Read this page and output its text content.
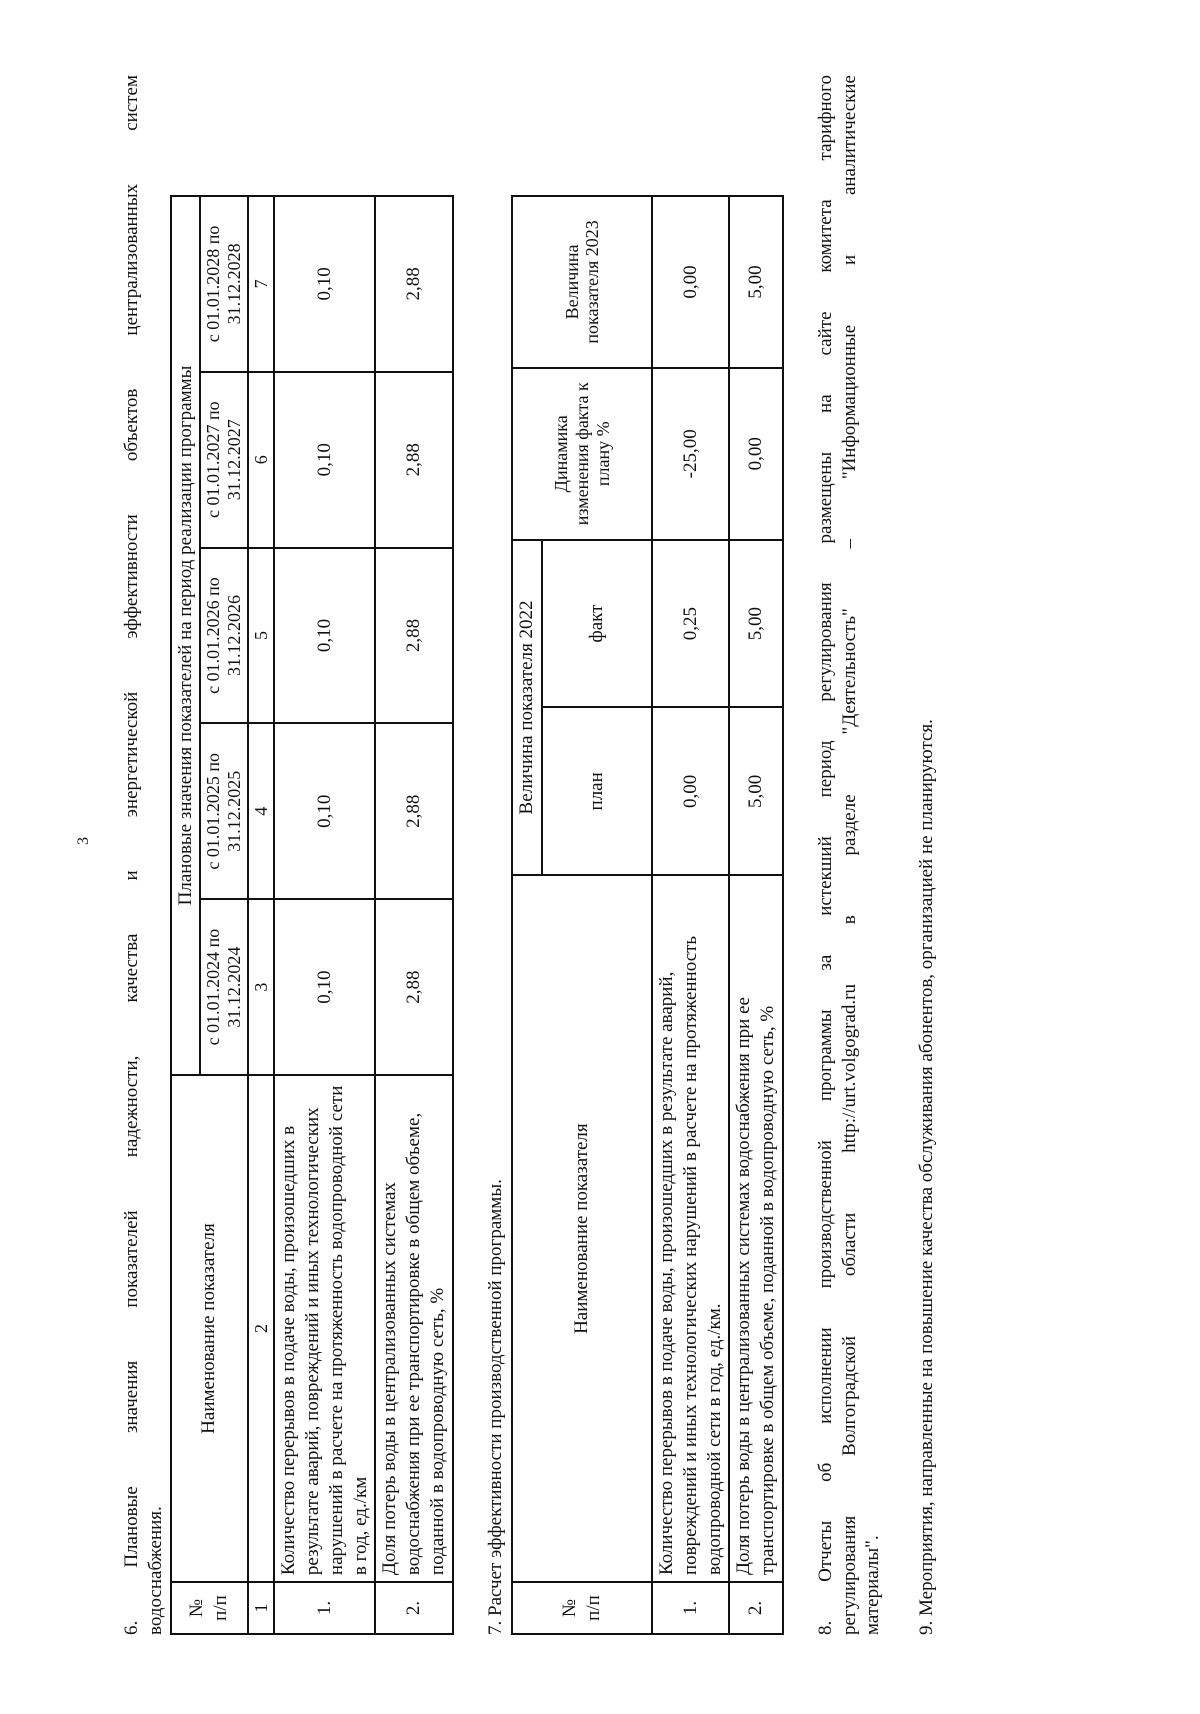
3 6. Плановые значения показателей надежности, качества и энергетической эффективности объектов централизованных систем водоснабжения. № п/п	Наименование показателя	Плановые значения показателей на период реализации программы				
		с 01.01.2024 по 31.12.2024	с 01.01.2025 по 31.12.2025	с 01.01.2026 по 31.12.2026	с 01.01.2027 по 31.12.2027	с 01.01.2028 по 31.12.2028
1	2	3	4	5	6	7
1.	Количество перерывов в подаче воды, произошедших в результате аварий, повреждений и иных технологических нарушений в расчете на протяженность водопроводной сети в год, ед./км	0,10	0,10	0,10	0,10	0,10
2.	Доля потерь воды в централизованных системах водоснабжения при ее транспортировке в общем объеме, поданной в водопроводную сеть, %	2,88	2,88	2,88	2,88	2,88

7. Расчет эффективности производственной программы.	№ п/п	Наименование показателя	Величина показателя 2022		Динамика изменения факта к плану %	Величина показателя 2023
		план	факт		
1.	Количество перерывов в подаче воды, произошедших в результате аварий, повреждений и иных технологических нарушений в расчете на протяженность водопроводной сети в год, ед./км.	0,00	0,25	-25,00	0,00
2.	Доля потерь воды в централизованных системах водоснабжения при ее транспортировке в общем объеме, поданной в водопроводную сеть, %	5,00	5,00	0,00	5,00	8. Отчеты об исполнении производственной программы за истекший период регулирования размещены на сайте комитета тарифного регулирования Волгоградской области http://urt.volgograd.ru в разделе "Деятельность" – "Информационные и аналитические материалы". 9. Мероприятия, направленные на повышение качества обслуживания абонентов, организацией не планируются.
